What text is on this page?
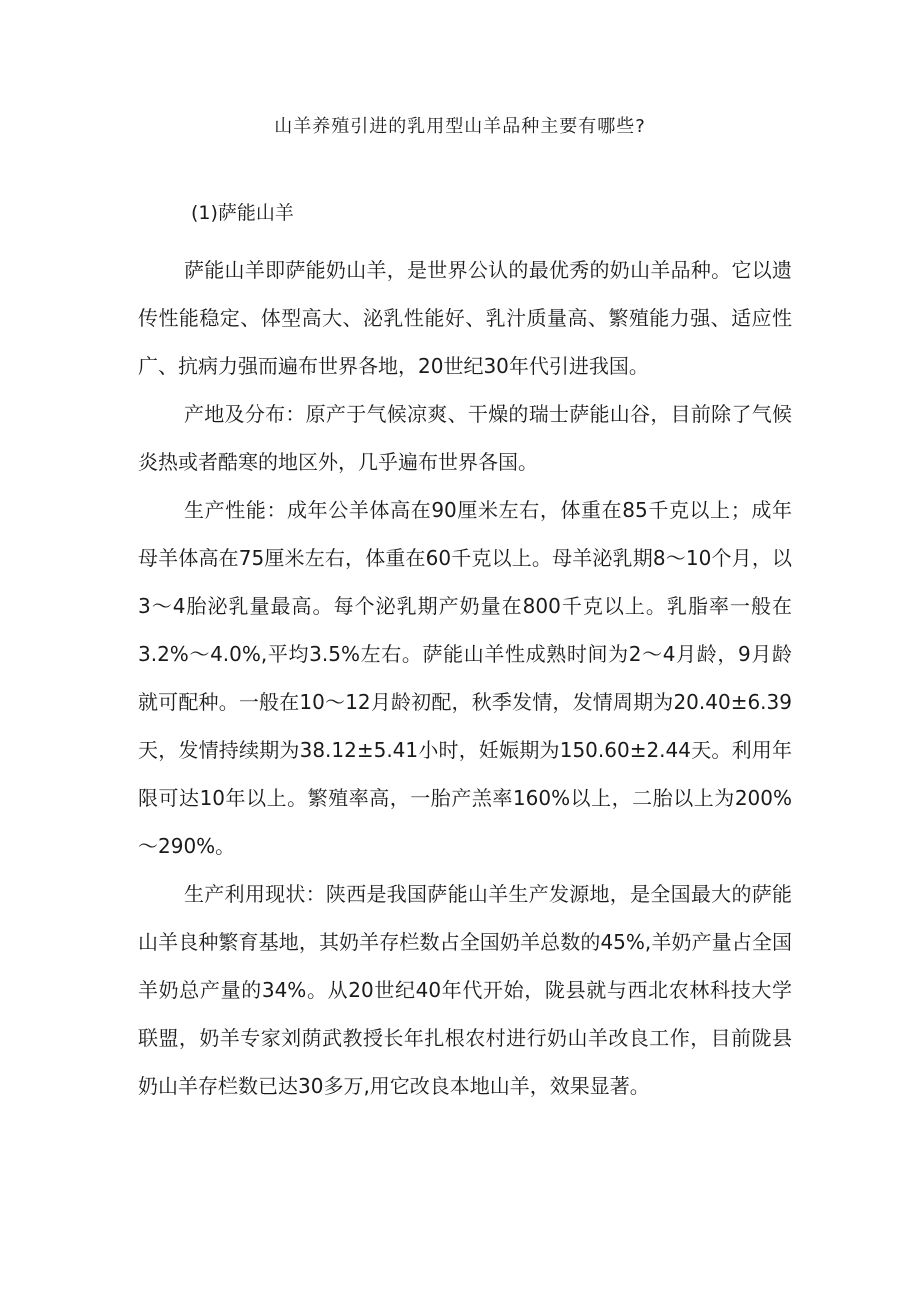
山羊养殖引进的乳用型山羊品种主要有哪些?

(1)萨能山羊

萨能山羊即萨能奶山羊，是世界公认的最优秀的奶山羊品种。它以遗传性能稳定、体型高大、泌乳性能好、乳汁质量高、繁殖能力强、适应性广、抗病力强而遍布世界各地，20世纪30年代引进我国。

产地及分布：原产于气候凉爽、干燥的瑞士萨能山谷，目前除了气候炎热或者酷寒的地区外，几乎遍布世界各国。

生产性能：成年公羊体高在90厘米左右，体重在85千克以上；成年母羊体高在75厘米左右，体重在60千克以上。母羊泌乳期8～10个月，以3～4胎泌乳量最高。每个泌乳期产奶量在800千克以上。乳脂率一般在3.2%～4.0%,平均3.5%左右。萨能山羊性成熟时间为2～4月龄，9月龄就可配种。一般在10～12月龄初配，秋季发情，发情周期为20.40±6.39天，发情持续期为38.12±5.41小时，妊娠期为150.60±2.44天。利用年限可达10年以上。繁殖率高，一胎产羔率160%以上，二胎以上为200%～290%。

生产利用现状：陕西是我国萨能山羊生产发源地，是全国最大的萨能山羊良种繁育基地，其奶羊存栏数占全国奶羊总数的45%,羊奶产量占全国羊奶总产量的34%。从20世纪40年代开始，陇县就与西北农林科技大学联盟，奶羊专家刘荫武教授长年扎根农村进行奶山羊改良工作，目前陇县奶山羊存栏数已达30多万,用它改良本地山羊，效果显著。
